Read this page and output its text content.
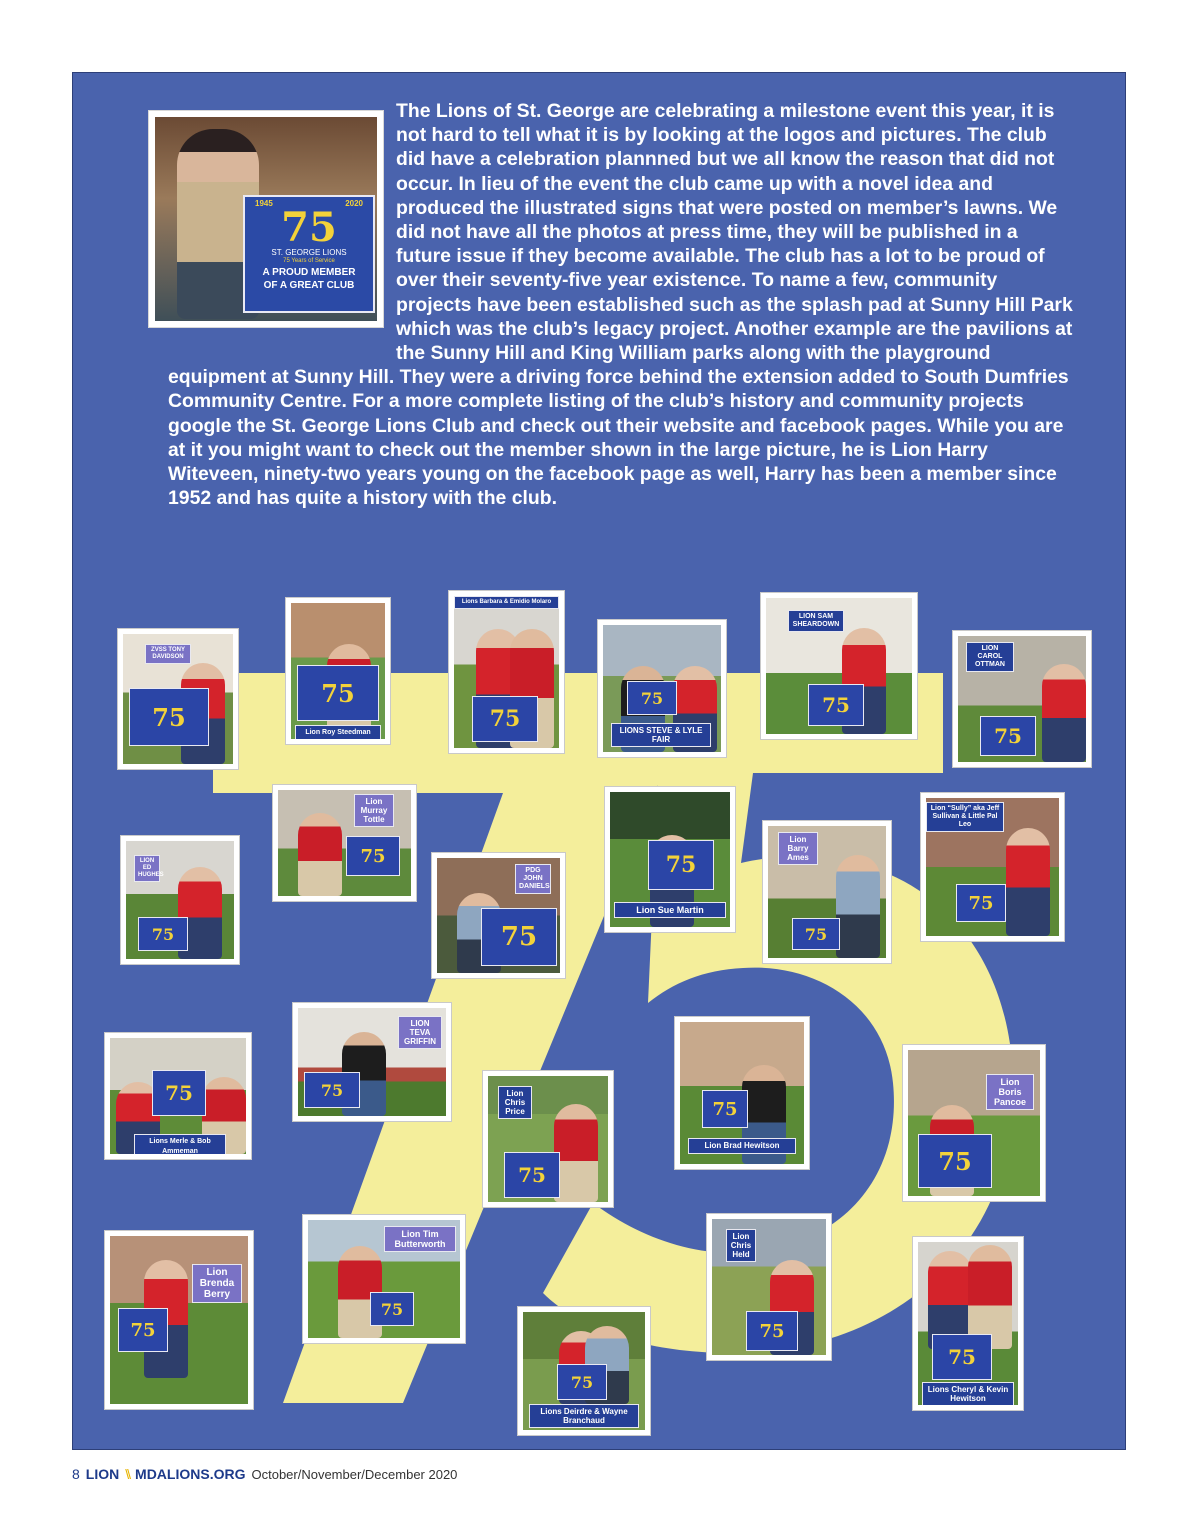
1945	2020
75
ST. GEORGE LIONS
75 Years of Service
A PROUD MEMBER
OF A GREAT CLUB
The Lions of St. George are celebrating a milestone event this year, it is not hard to tell what it is by looking at the logos and pictures. The club did have a celebration plannned but we all know the reason that did not occur. In lieu of the event the club came up with a novel idea and produced the illustrated signs that were posted on member’s lawns. We did not have all the photos at press time, they will be published in a future issue if they become available. The club has a lot to be proud of over their seventy-five year existence. To name a few, community projects have been established such as the splash pad at Sunny Hill Park which was the club’s legacy project. Another example are the pavilions at the Sunny Hill and King William parks along with the playground equipment at Sunny Hill. They were a driving force behind the extension added to South Dumfries Community Centre. For a more complete listing of the club’s history and community projects google the St. George Lions Club and check out their website and facebook pages. While you are at it you might want to check out the member shown in the large picture, he is Lion Harry Witeveen, ninety-two years young on the facebook page as well, Harry has been a member since 1952 and has quite a history with the club.
ZVSS TONY DAVIDSON
75
75
Lion Roy Steedman
Lions Barbara & Emidio Molaro
75
75
LIONS STEVE & LYLE FAIR
LION SAM SHEARDOWN
75
LION CAROL OTTMAN
75
Lion Murray Tottle
75	75
Lion Sue Martin
Lion Barry Ames
75
Lion “Sully” aka Jeff Sullivan & Little Pal Leo
75
LION ED HUGHES
75
PDG JOHN DANIELS
75
LION TEVA GRIFFIN
75
75
Lion Brad Hewitson
Lion Chris Price
75
75
Lions Merle & Bob Ammeman
Lion Boris Pancoe
75
Lion Brenda Berry
75
Lion Tim Butterworth
75
Lion Chris Held
75
75
Lions Deirdre & Wayne Branchaud
75
Lions Cheryl & Kevin Hewitson
8 LION \\ MDALIONS.ORG October/November/December 2020
